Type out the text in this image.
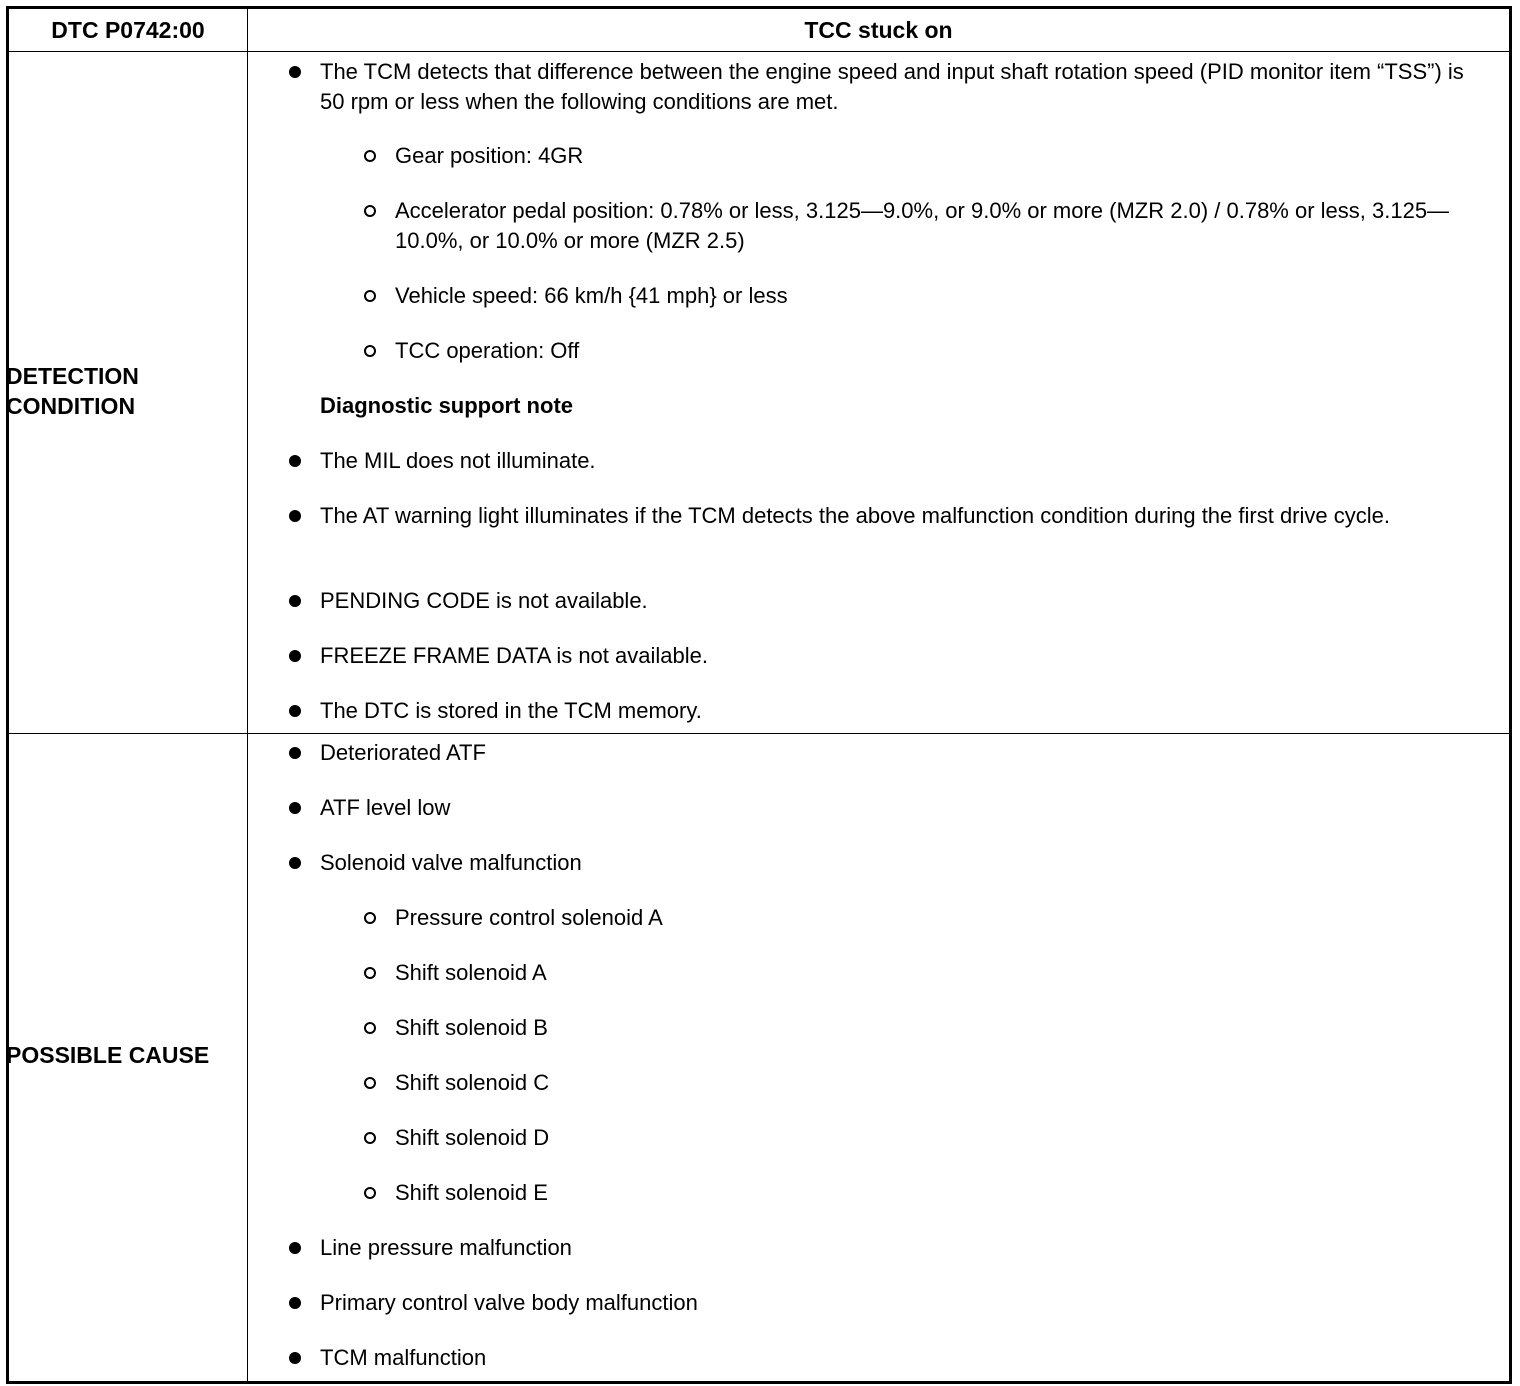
DTC P0742:00	TCC stuck on
DETECTION CONDITION
The TCM detects that difference between the engine speed and input shaft rotation speed (PID monitor item “TSS”) is 50 rpm or less when the following conditions are met.
Gear position: 4GR
Accelerator pedal position: 0.78% or less, 3.125—9.0%, or 9.0% or more (MZR 2.0) / 0.78% or less, 3.125—10.0%, or 10.0% or more (MZR 2.5)
Vehicle speed: 66 km/h {41 mph} or less
TCC operation: Off
Diagnostic support note
The MIL does not illuminate.
The AT warning light illuminates if the TCM detects the above malfunction condition during the first drive cycle.
PENDING CODE is not available.
FREEZE FRAME DATA is not available.
The DTC is stored in the TCM memory.
POSSIBLE CAUSE
Deteriorated ATF
ATF level low
Solenoid valve malfunction
Pressure control solenoid A
Shift solenoid A
Shift solenoid B
Shift solenoid C
Shift solenoid D
Shift solenoid E
Line pressure malfunction
Primary control valve body malfunction
TCM malfunction
